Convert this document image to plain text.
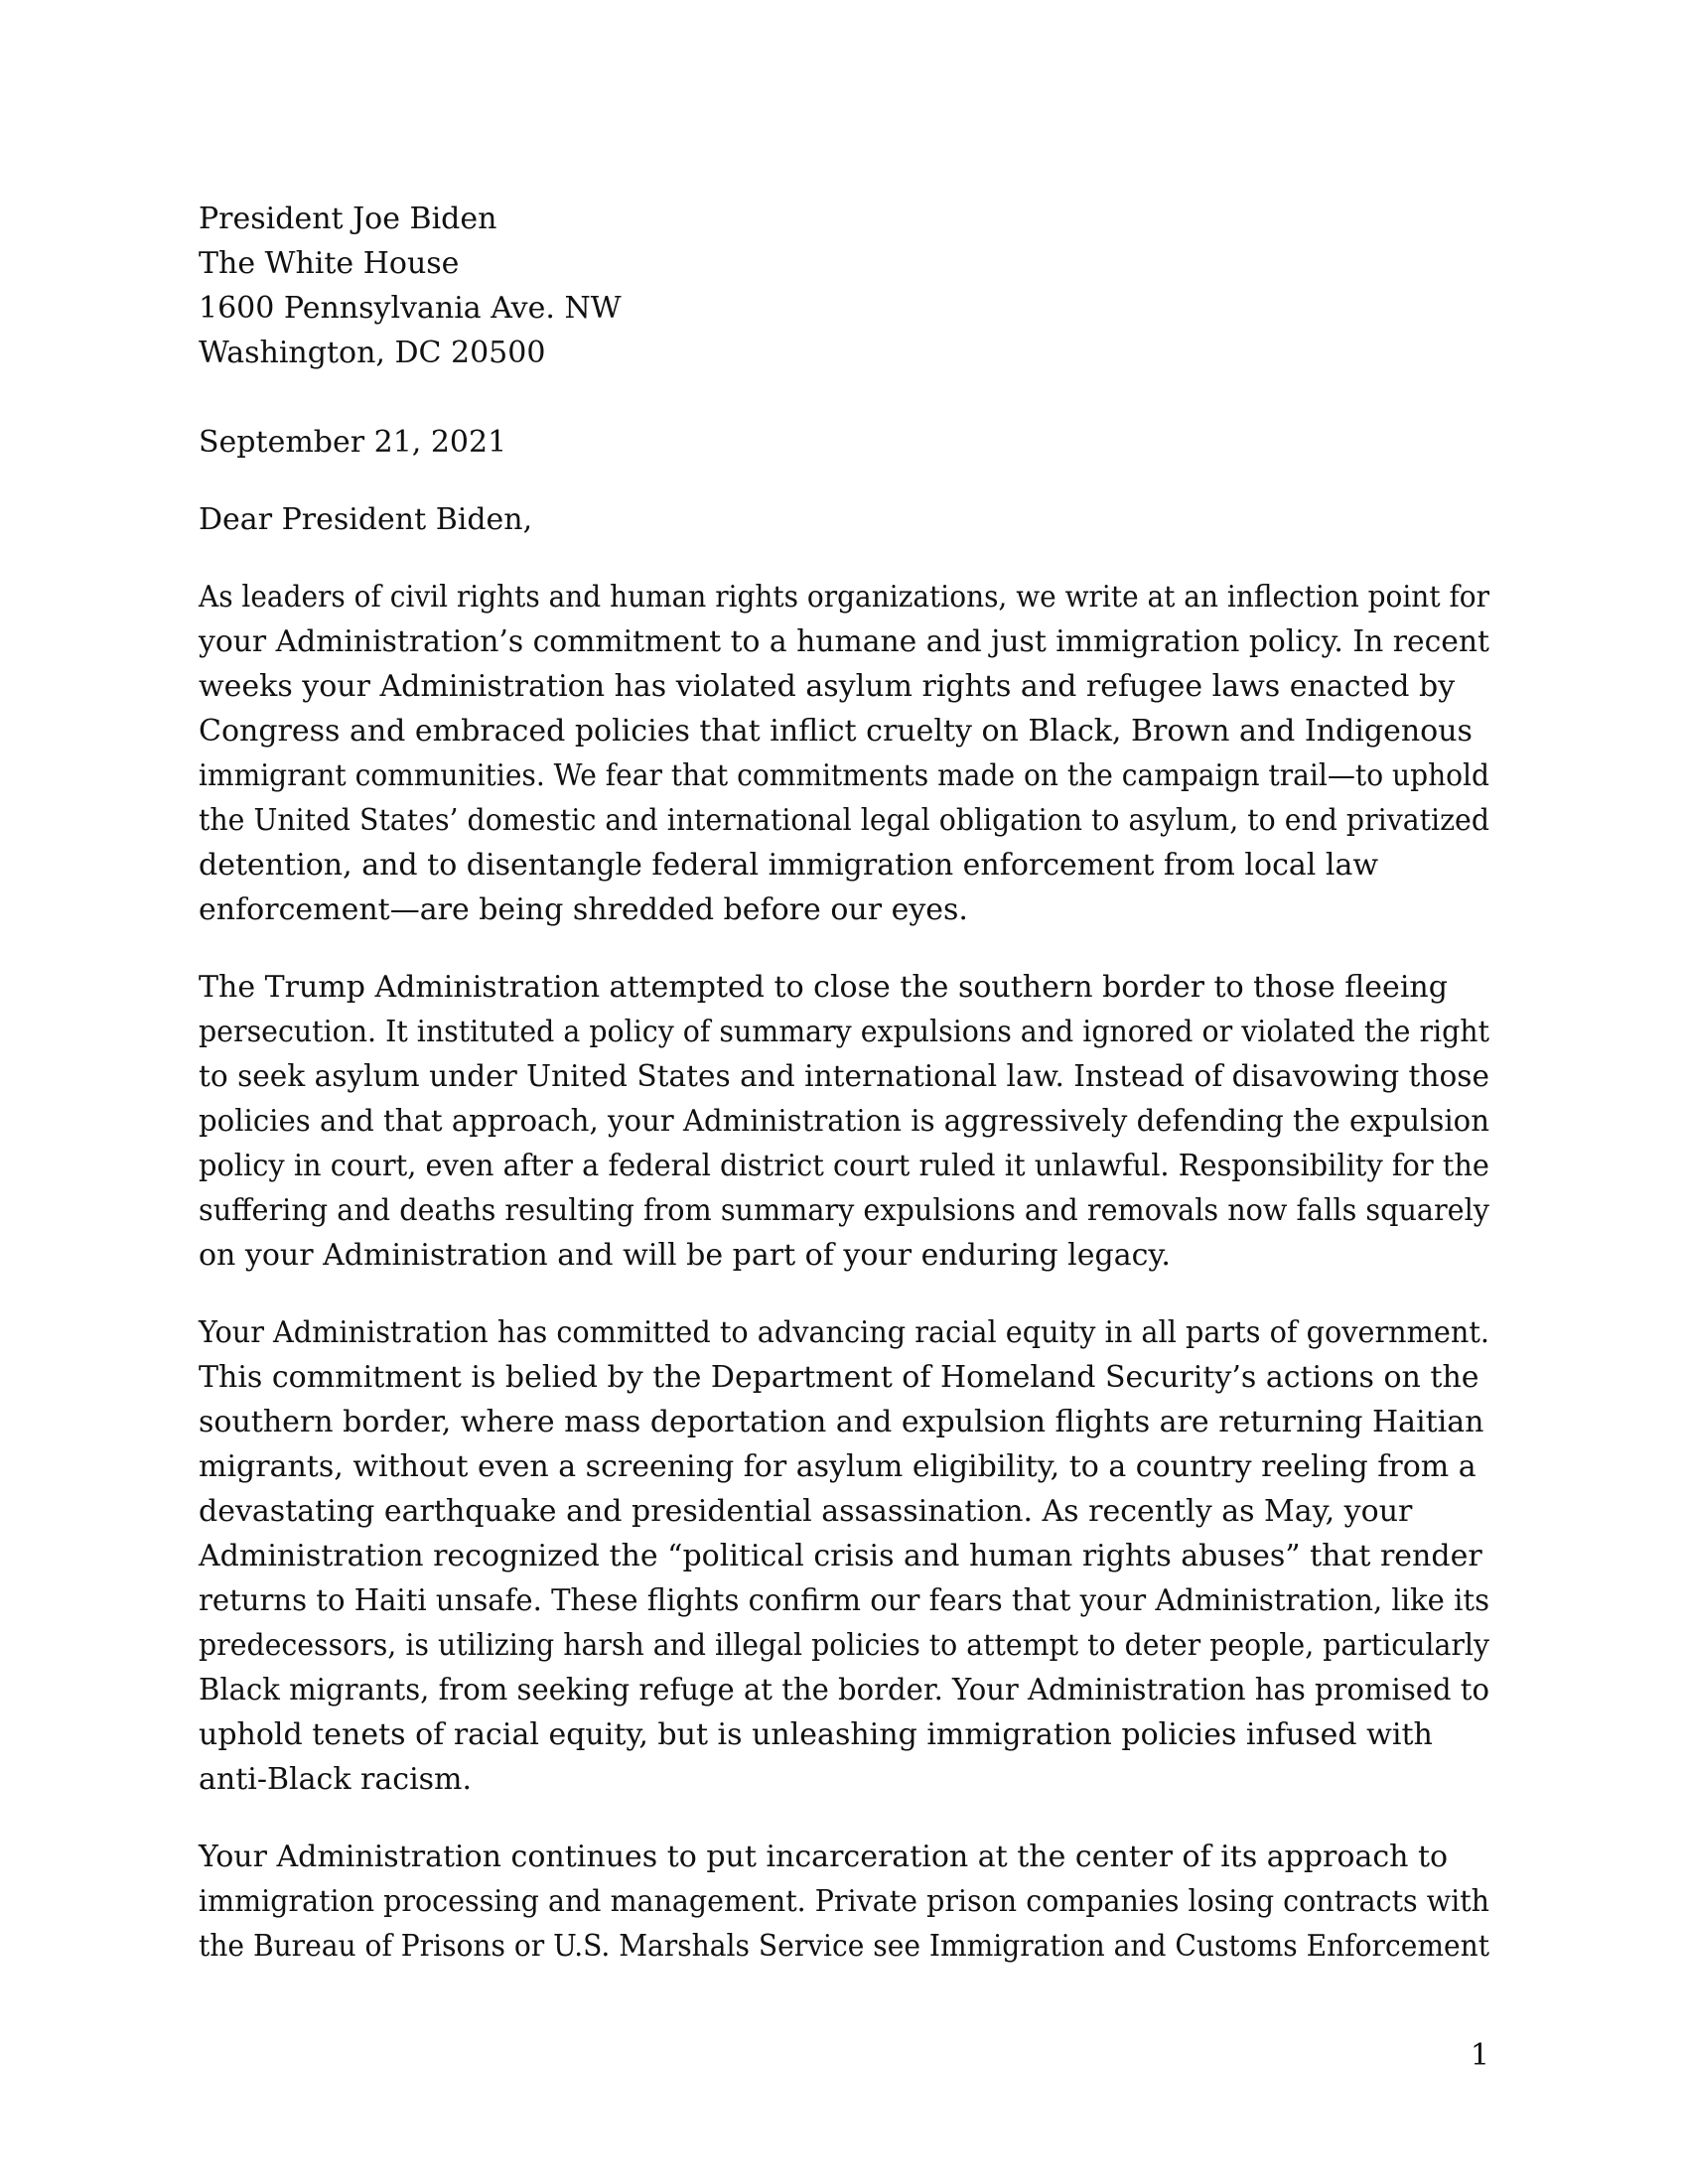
President Joe Biden
The White House
1600 Pennsylvania Ave. NW
Washington, DC 20500
September 21, 2021
Dear President Biden,
As leaders of civil rights and human rights organizations, we write at an inflection point for
your Administration’s commitment to a humane and just immigration policy. In recent
weeks your Administration has violated asylum rights and refugee laws enacted by
Congress and embraced policies that inflict cruelty on Black, Brown and Indigenous
immigrant communities. We fear that commitments made on the campaign trail—to uphold
the United States’ domestic and international legal obligation to asylum, to end privatized
detention, and to disentangle federal immigration enforcement from local law
enforcement—are being shredded before our eyes.
The Trump Administration attempted to close the southern border to those fleeing
persecution. It instituted a policy of summary expulsions and ignored or violated the right
to seek asylum under United States and international law. Instead of disavowing those
policies and that approach, your Administration is aggressively defending the expulsion
policy in court, even after a federal district court ruled it unlawful. Responsibility for the
suffering and deaths resulting from summary expulsions and removals now falls squarely
on your Administration and will be part of your enduring legacy.
Your Administration has committed to advancing racial equity in all parts of government.
This commitment is belied by the Department of Homeland Security’s actions on the
southern border, where mass deportation and expulsion flights are returning Haitian
migrants, without even a screening for asylum eligibility, to a country reeling from a
devastating earthquake and presidential assassination. As recently as May, your
Administration recognized the “political crisis and human rights abuses” that render
returns to Haiti unsafe. These flights confirm our fears that your Administration, like its
predecessors, is utilizing harsh and illegal policies to attempt to deter people, particularly
Black migrants, from seeking refuge at the border. Your Administration has promised to
uphold tenets of racial equity, but is unleashing immigration policies infused with
anti-Black racism.
Your Administration continues to put incarceration at the center of its approach to
immigration processing and management. Private prison companies losing contracts with
the Bureau of Prisons or U.S. Marshals Service see Immigration and Customs Enforcement
1
